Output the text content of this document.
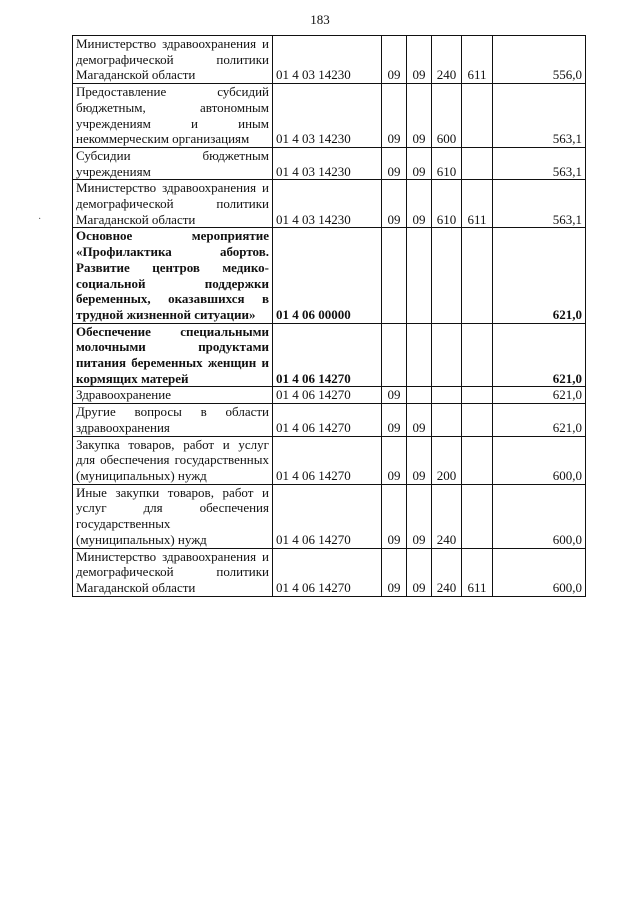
183
·
Министерство здравоохранения и демографической политики Магаданской области	01 4 03 14230	09	09	240	611	556,0
Предоставление субсидий бюджетным, автономным учреждениям и иным некоммерческим организациям	01 4 03 14230	09	09	600		563,1
Субсидии бюджетным учреждениям	01 4 03 14230	09	09	610		563,1
Министерство здравоохранения и демографической политики Магаданской области	01 4 03 14230	09	09	610	611	563,1
Основное мероприятие «Профилактика абортов. Развитие центров медико-социальной поддержки беременных, оказавшихся в трудной жизненной ситуации»	01 4 06 00000					621,0
Обеспечение специальными молочными продуктами питания беременных женщин и кормящих матерей	01 4 06 14270					621,0
Здравоохранение	01 4 06 14270	09				621,0
Другие вопросы в области здравоохранения	01 4 06 14270	09	09			621,0
Закупка товаров, работ и услуг для обеспечения государственных (муниципальных) нужд	01 4 06 14270	09	09	200		600,0
Иные закупки товаров, работ и услуг для обеспечения государственных (муниципальных) нужд	01 4 06 14270	09	09	240		600,0
Министерство здравоохранения и демографической политики Магаданской области	01 4 06 14270	09	09	240	611	600,0
